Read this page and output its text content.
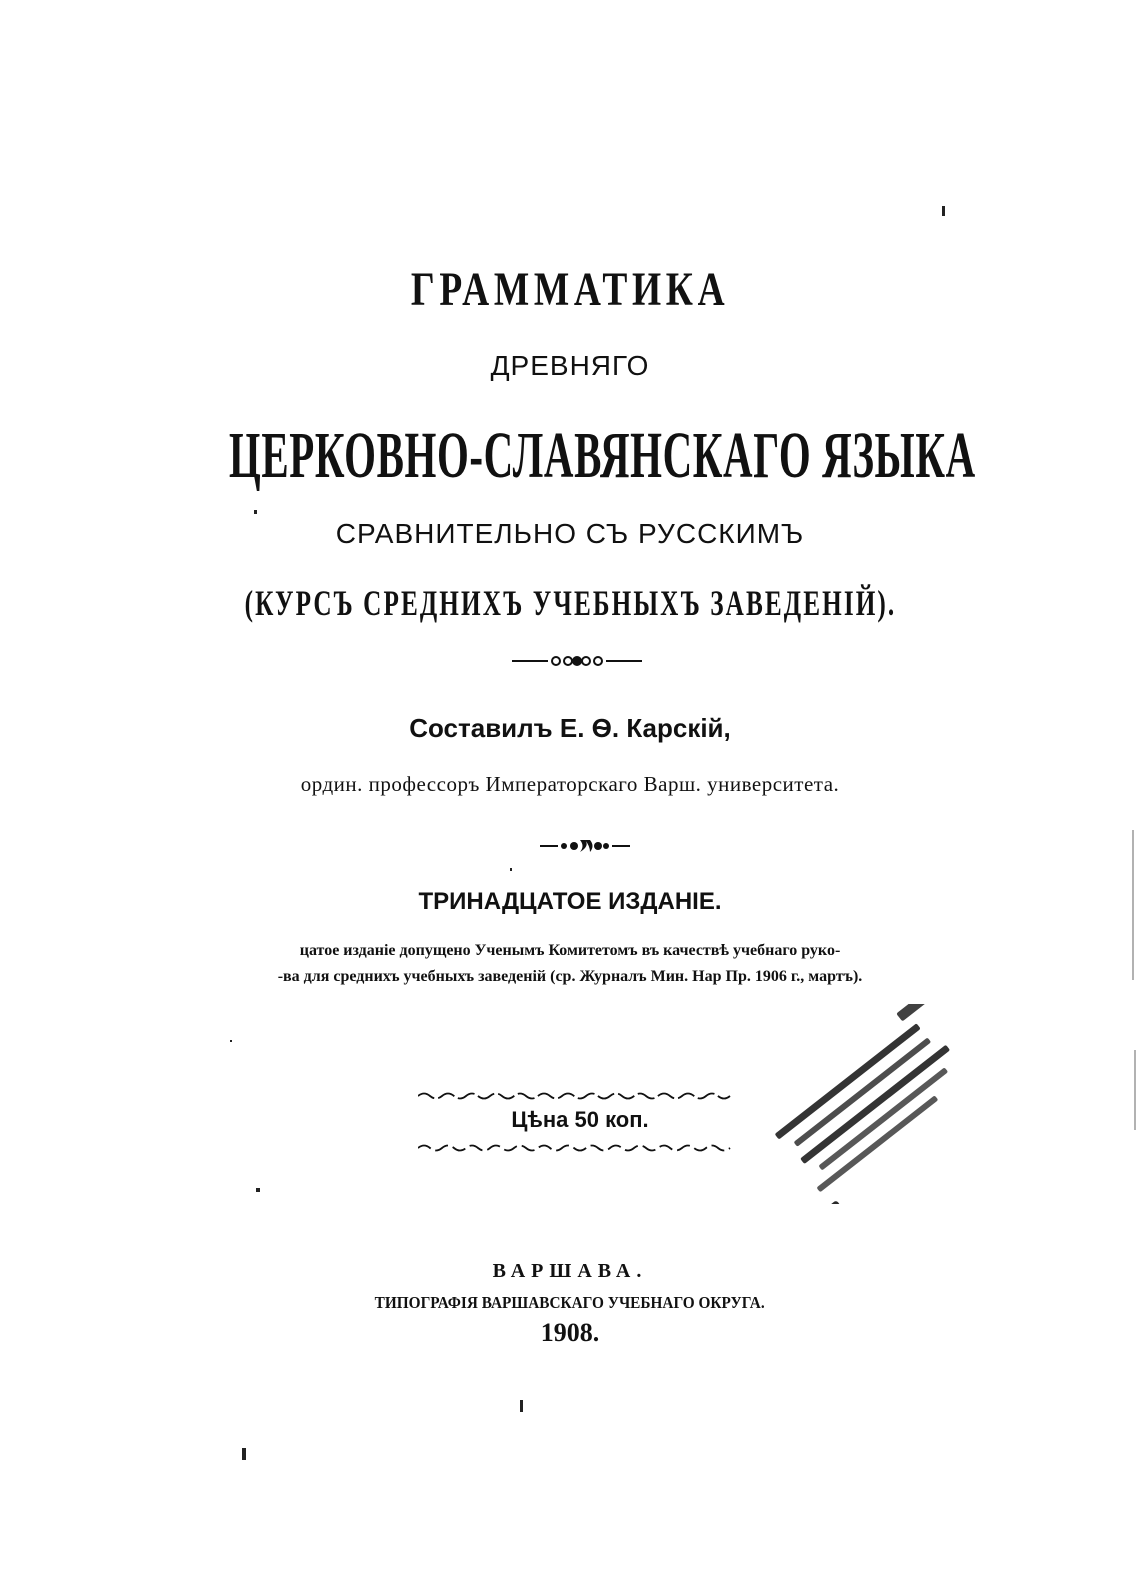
ГРАММАТИКА
ДРЕВНЯГО
ЦЕРКОВНО-СЛАВЯНСКАГО ЯЗЫКА
СРАВНИТЕЛЬНО СЪ РУССКИМЪ
(КУРСЪ СРЕДНИХЪ УЧЕБНЫХЪ ЗАВЕДЕНІЙ).
Составилъ Е. Ѳ. Карскій,
ордин. профессоръ Императорскаго Варш. университета.
ТРИНАДЦАТОЕ ИЗДАНІЕ.
цатое изданіе допущено Ученымъ Комитетомъ въ качествѣ учебнаго руко-
-ва для среднихъ учебныхъ заведеній (ср. Журналъ Мин. Нар Пр. 1906 г., мартъ).
Цѣна 50 коп.
ВАРШАВА.
ТИПОГРАФІЯ ВАРШАВСКАГО УЧЕБНАГО ОКРУГА.
1908.
